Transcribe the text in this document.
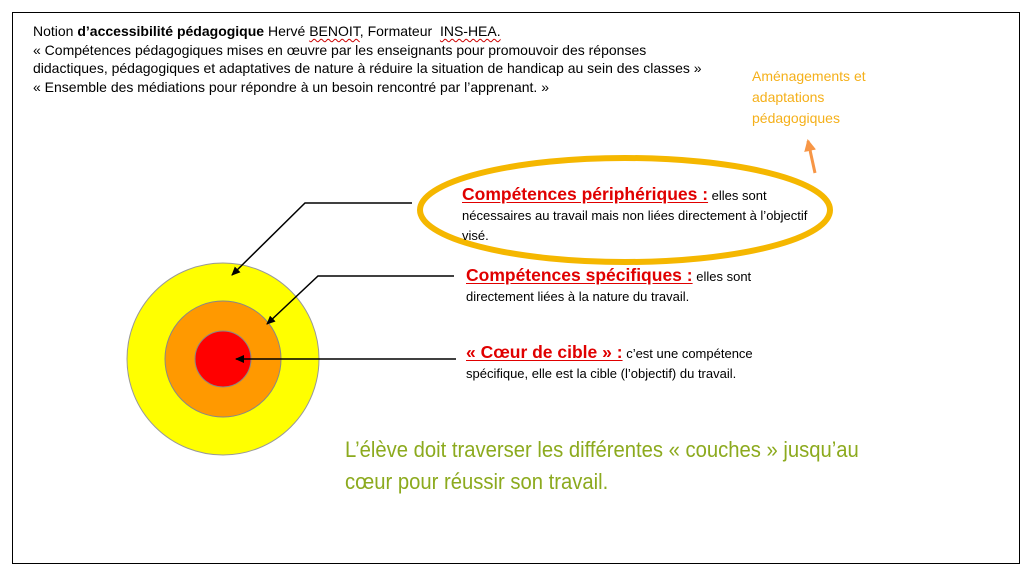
Notion d’accessibilité pédagogique Hervé BENOIT, Formateur INS-HEA.

« Compétences pédagogiques mises en œuvre par les enseignants pour promouvoir des réponses didactiques, pédagogiques et adaptatives de nature à réduire la situation de handicap au sein des classes »

« Ensemble des médiations pour répondre à un besoin rencontré par l’apprenant. »

Aménagements et adaptations pédagogiques
Compétences périphériques : elles sont nécessaires au travail mais non liées directement à l’objectif visé.
Compétences spécifiques : elles sont directement liées à la nature du travail.
« Cœur de cible » : c’est une compétence spécifique, elle est la cible (l’objectif) du travail.
L’élève doit traverser les différentes « couches » jusqu’au cœur pour réussir son travail.
